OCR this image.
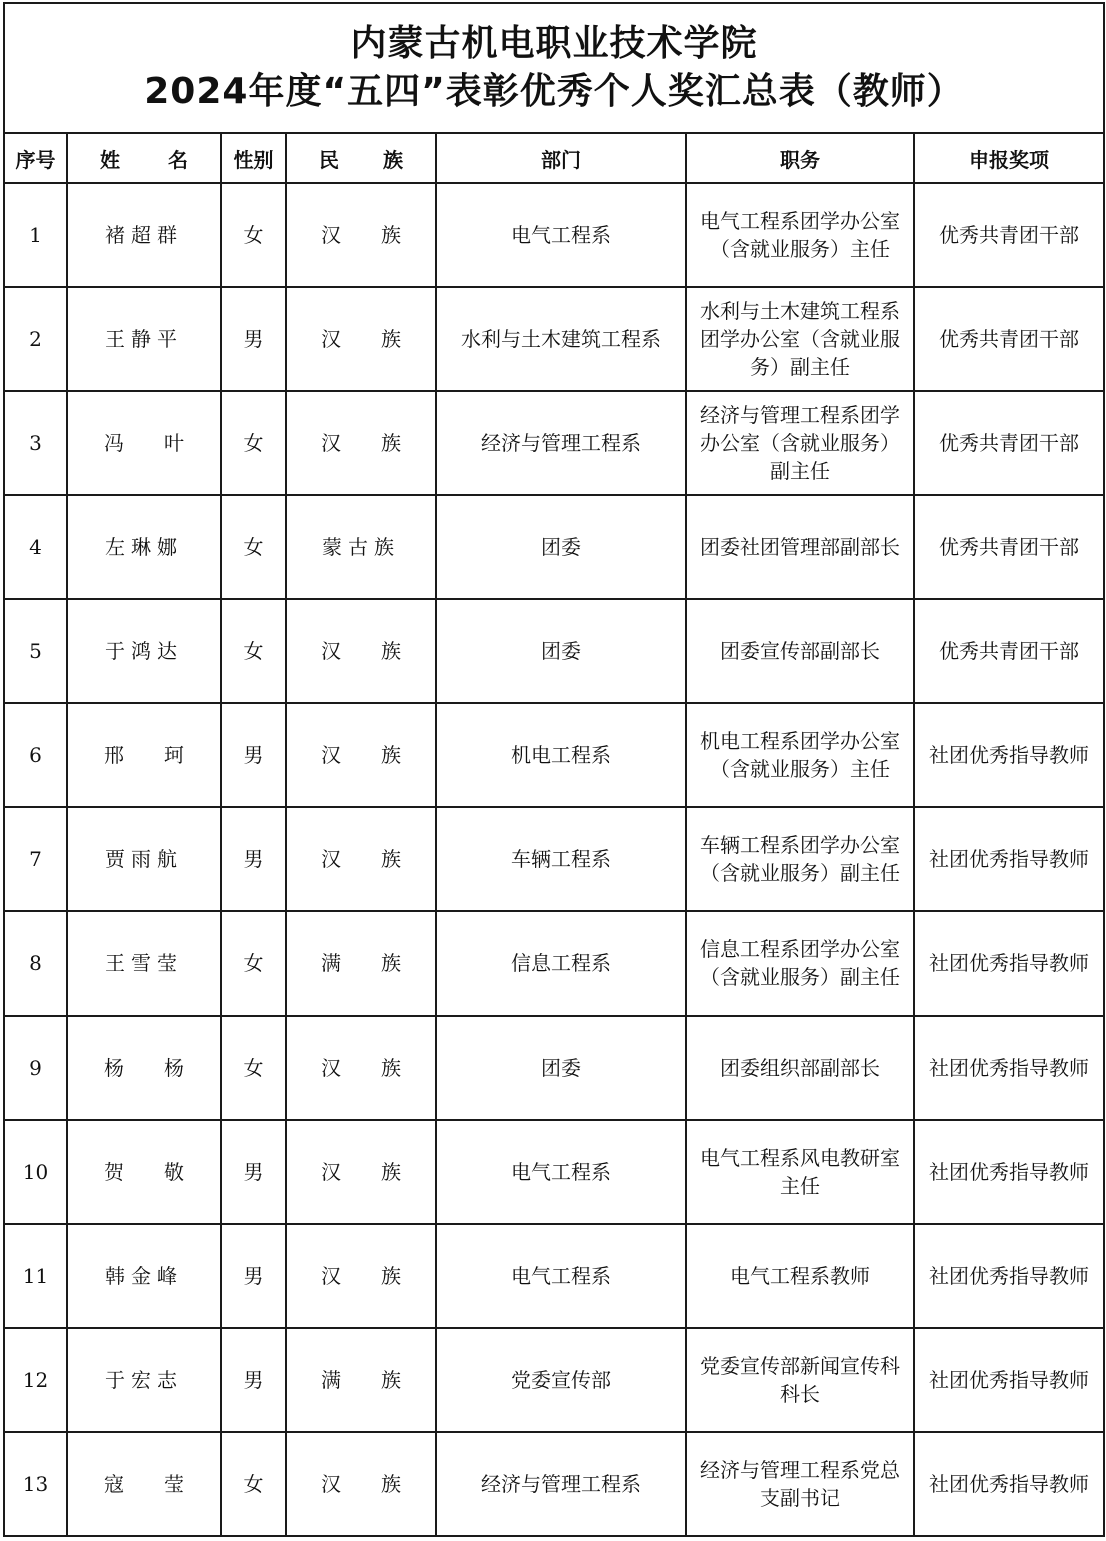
内蒙古机电职业技术学院
2024年度“五四”表彰优秀个人奖汇总表（教师）						

序号	姓 名	性别	民 族	部门	职务	申报奖项
1	褚超群	女	汉 族	电气工程系	电气工程系团学办公室（含就业服务）主任	优秀共青团干部
2	王静平	男	汉 族	水利与土木建筑工程系	水利与土木建筑工程系团学办公室（含就业服务）副主任	优秀共青团干部
3	冯 叶	女	汉 族	经济与管理工程系	经济与管理工程系团学办公室（含就业服务）副主任	优秀共青团干部
4	左琳娜	女	蒙古族	团委	团委社团管理部副部长	优秀共青团干部
5	于鸿达	女	汉 族	团委	团委宣传部副部长	优秀共青团干部
6	邢 珂	男	汉 族	机电工程系	机电工程系团学办公室（含就业服务）主任	社团优秀指导教师
7	贾雨航	男	汉 族	车辆工程系	车辆工程系团学办公室（含就业服务）副主任	社团优秀指导教师
8	王雪莹	女	满 族	信息工程系	信息工程系团学办公室（含就业服务）副主任	社团优秀指导教师
9	杨 杨	女	汉 族	团委	团委组织部副部长	社团优秀指导教师
10	贺 敬	男	汉 族	电气工程系	电气工程系风电教研室主任	社团优秀指导教师
11	韩金峰	男	汉 族	电气工程系	电气工程系教师	社团优秀指导教师
12	于宏志	男	满 族	党委宣传部	党委宣传部新闻宣传科科长	社团优秀指导教师
13	寇 莹	女	汉 族	经济与管理工程系	经济与管理工程系党总支副书记	社团优秀指导教师
